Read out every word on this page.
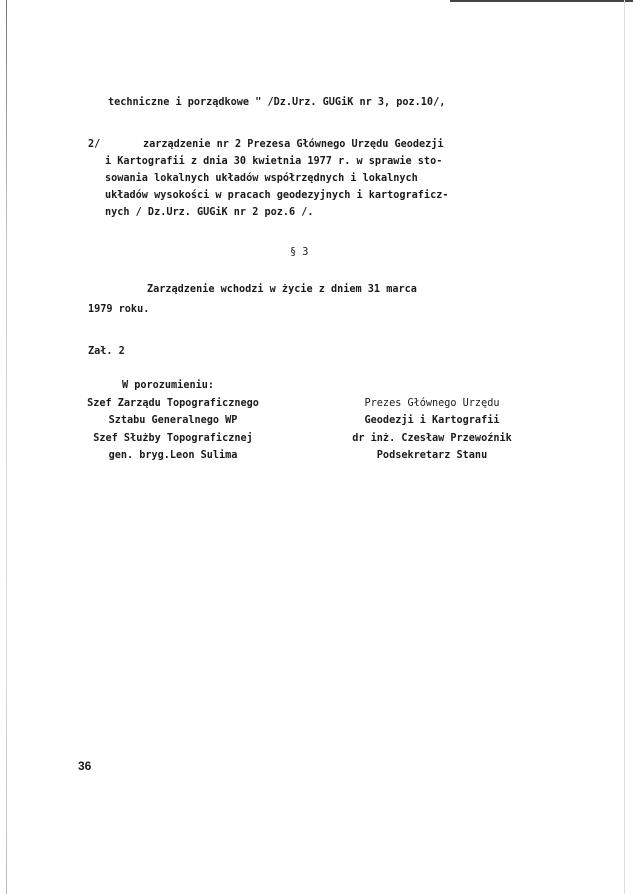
techniczne i porządkowe " /Dz.Urz. GUGiK nr 3, poz.10/,
2/	zarządzenie nr 2 Prezesa Głównego Urzędu Geodezji
i Kartografii z dnia 30 kwietnia 1977 r. w sprawie sto-
sowania lokalnych układów współrzędnych i lokalnych
układów wysokości w pracach geodezyjnych i kartograficz-
nych / Dz.Urz. GUGiK nr 2 poz.6 /.
§ 3
Zarządzenie wchodzi w życie z dniem 31 marca
1979 roku.
Zał. 2
W porozumieniu:
Szef Zarządu Topograficznego
Sztabu Generalnego WP
Szef Służby Topograficznej
gen. bryg.Leon Sulima
Prezes Głównego Urzędu
Geodezji i Kartografii
dr inż. Czesław Przewoźnik
Podsekretarz Stanu
36
